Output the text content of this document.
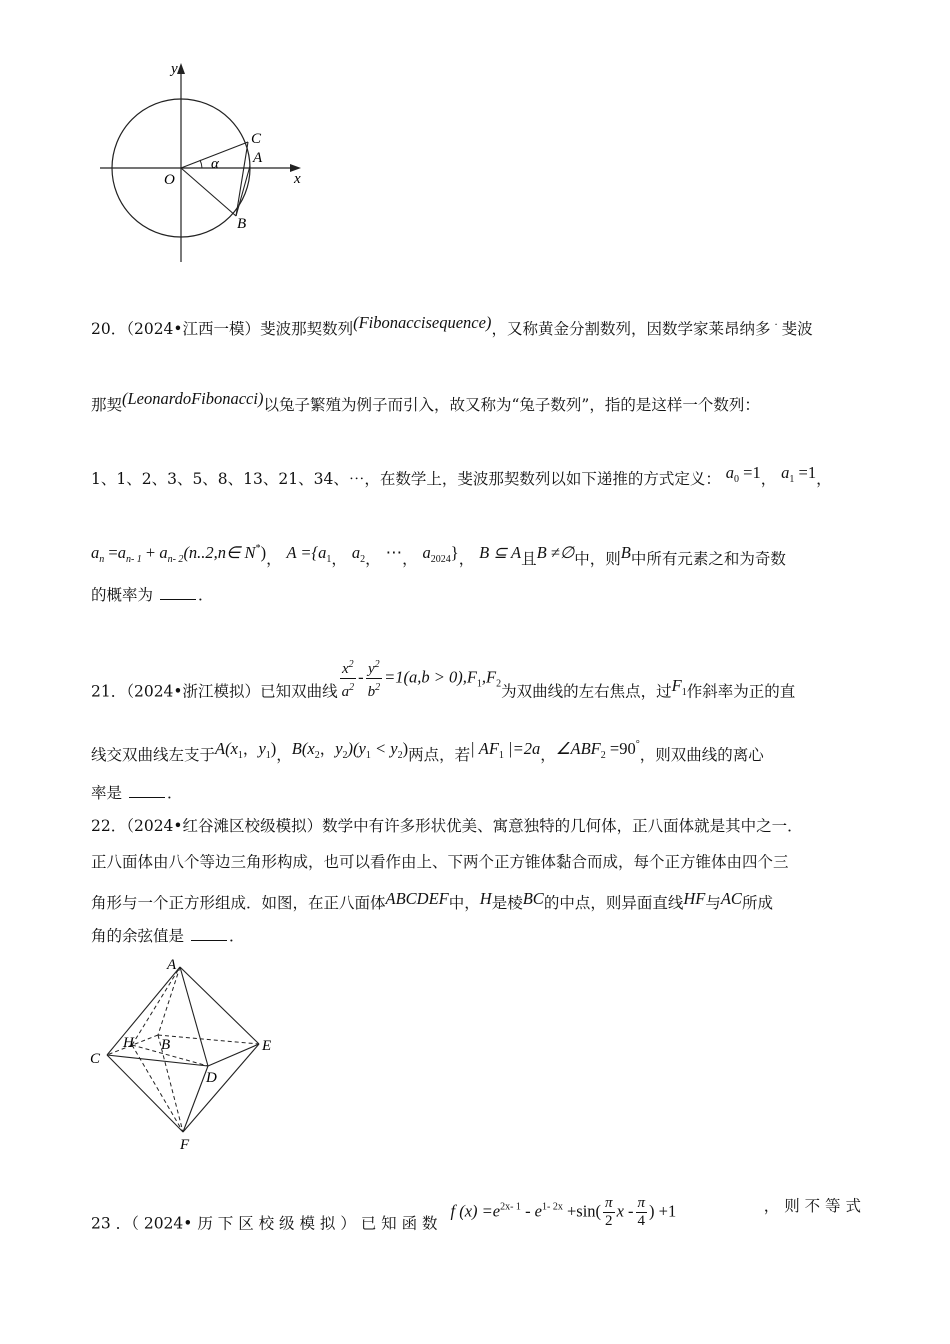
y
x
O
C
A
B
α
20．（2024•江西一模）斐波那契数列(Fibonaccisequence)，又称黄金分割数列，因数学家莱昂纳多 · 斐波
那契(LeonardoFibonacci)以兔子繁殖为例子而引入，故又称为“兔子数列”，指的是这样一个数列：
1、1、2、3、5、8、13、21、34、⋯，在数学上，斐波那契数列以如下递推的方式定义： $a_0 =1$， $a_1 =1$，
$a_n =a_{n- 1}$ + $a_{n- 2}(n..2,n\in$ N*)， $A =\{a_1$， $a_2$， ⋯， $a_{2024}$}， B ⊆ A且B ≠∅中，则B中所有元素之和为奇数
的概率为	．
21．（2024•浙江模拟）已知双曲线 $\frac{x^2}{a^2} - \frac{y^2}{b^2} =1(a,b > 0),F_1,F_2$为双曲线的左右焦点，过$F_1$作斜率为正的直
线交双曲线左支于$A(x_1$，$y_1$)，$B(x_2$，$y_2)(y_1 < y_2)$两点，若| $AF_1$ |=2a，$\angle ABF_2 =90^\circ$，则双曲线的离心
率是	．
22．（2024•红谷滩区校级模拟）数学中有许多形状优美、寓意独特的几何体，正八面体就是其中之一．
正八面体由八个等边三角形构成，也可以看作由上、下两个正方锥体黏合而成，每个正方锥体由四个三
角形与一个正方形组成．如图，在正八面体ABCDEF中，H是棱BC的中点，则异面直线HF与AC所成
角的余弦值是	．
A
H B
C
E
D
F
23 ．（ 2024• 历 下 区 校 级 模 拟 ） 已 知 函 数 f $(x) =e^{2x- 1} - e^{1- 2x} +\sin( \frac{\pi}{2}$ x - $\frac{\pi}{4}$ ) +1	， 则 不 等 式
